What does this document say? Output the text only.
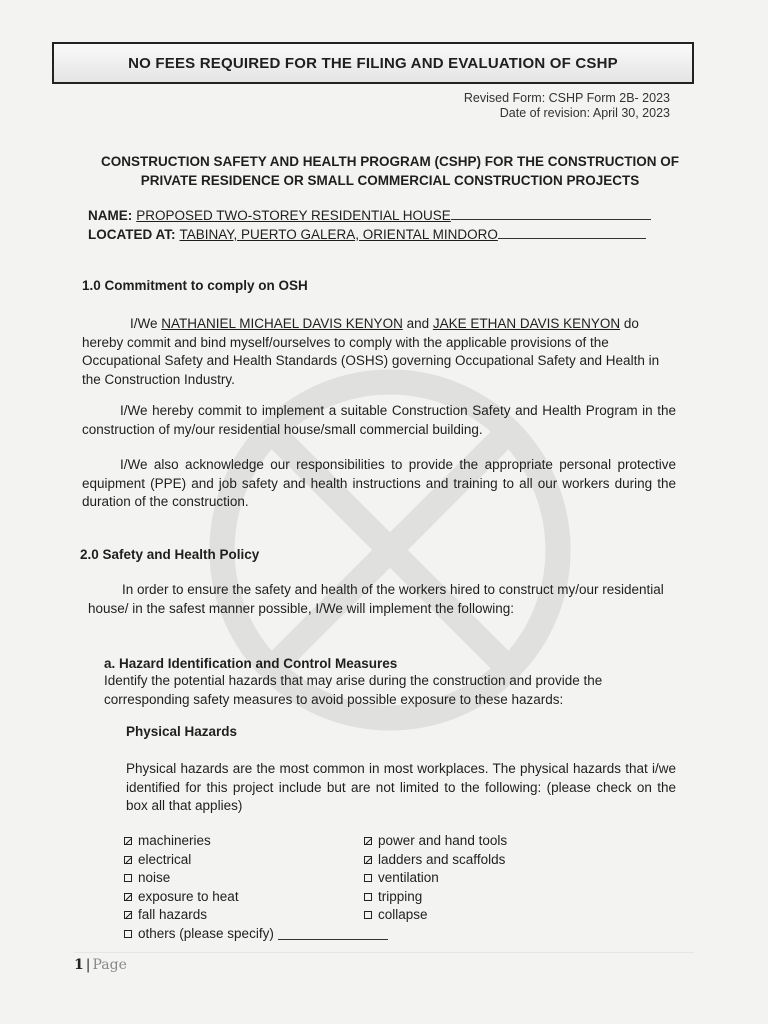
NO FEES REQUIRED FOR THE FILING AND EVALUATION OF CSHP
Revised Form: CSHP Form 2B- 2023
Date of revision: April 30, 2023
CONSTRUCTION SAFETY AND HEALTH PROGRAM (CSHP) FOR THE CONSTRUCTION OF
PRIVATE RESIDENCE OR SMALL COMMERCIAL CONSTRUCTION PROJECTS
NAME: PROPOSED TWO-STOREY RESIDENTIAL HOUSE
LOCATED AT: TABINAY, PUERTO GALERA, ORIENTAL MINDORO
1.0 Commitment to comply on OSH
I/We NATHANIEL MICHAEL DAVIS KENYON and JAKE ETHAN DAVIS KENYON do hereby commit and bind myself/ourselves to comply with the applicable provisions of the Occupational Safety and Health Standards (OSHS) governing Occupational Safety and Health in the Construction Industry.
I/We hereby commit to implement a suitable Construction Safety and Health Program in the construction of my/our residential house/small commercial building.
I/We also acknowledge our responsibilities to provide the appropriate personal protective equipment (PPE) and job safety and health instructions and training to all our workers during the duration of the construction.
2.0 Safety and Health Policy
In order to ensure the safety and health of the workers hired to construct my/our residential house/ in the safest manner possible, I/We will implement the following:
a. Hazard Identification and Control Measures
Identify the potential hazards that may arise during the construction and provide the corresponding safety measures to avoid possible exposure to these hazards:
Physical Hazards
Physical hazards are the most common in most workplaces. The physical hazards that i/we identified for this project include but are not limited to the following: (please check on the box all that applies)
machineries
electrical
noise
exposure to heat
fall hazards
others (please specify)
power and hand tools
ladders and scaffolds
ventilation
tripping
collapse
1 | Page
